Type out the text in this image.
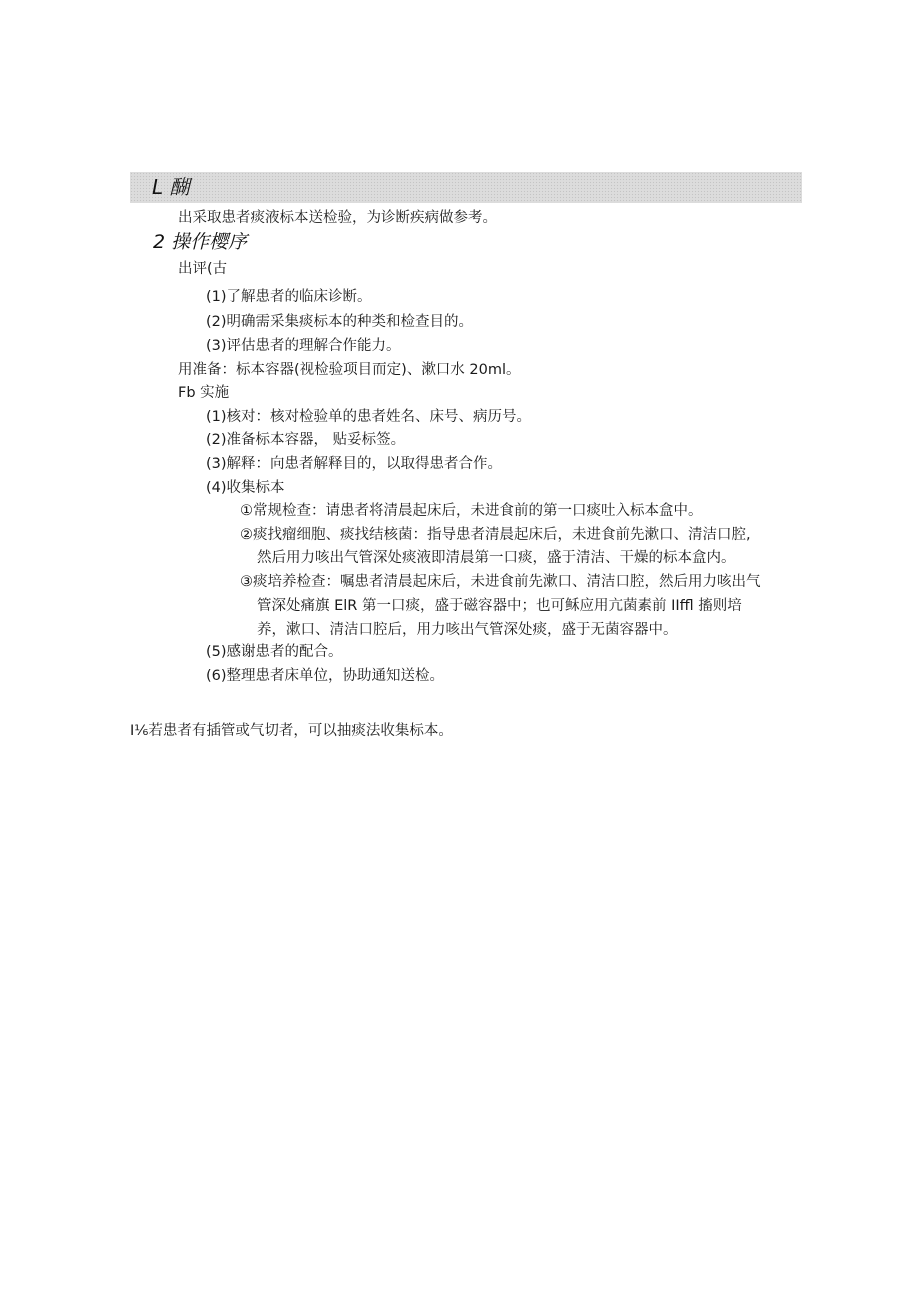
L 醐
出采取患者痰液标本送检验，为诊断疾病做参考。
2 操作樱序
出评(古
(1)了解患者的临床诊断。
(2)明确需采集痰标本的种类和检查目的。
(3)评估患者的理解合作能力。
用准备：标本容器(视检验项目而定)、漱口水 20ml。
Fb 实施
(1)核对：核对检验单的患者姓名、床号、病历号。
(2)准备标本容器， 贴妥标签。
(3)解释：向患者解释目的，以取得患者合作。
(4)收集标本
①常规检查：请患者将清晨起床后，未进食前的第一口痰吐入标本盒中。
②痰找瘤细胞、痰找结核菌：指导患者清晨起床后，未进食前先漱口、清洁口腔,
然后用力咳出气管深处痰液即清晨第一口痰，盛于清洁、干燥的标本盒内。
③痰培养检查：嘱患者清晨起床后，未进食前先漱口、清洁口腔，然后用力咳出气
管深处痛旗 ElR 第一口痰，盛于磁容器中；也可稣应用亢菌素前 IIffl 搐则培
养，漱口、清洁口腔后，用力咳出气管深处痰，盛于无菌容器中。
(5)感谢患者的配合。
(6)整理患者床单位，协助通知送检。
I⅙若患者有插管或气切者，可以抽痰法收集标本。
